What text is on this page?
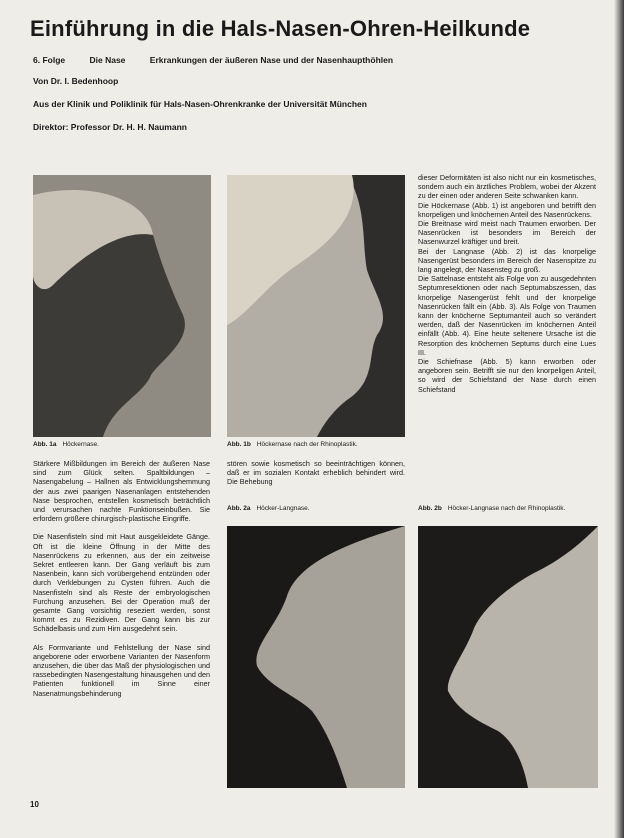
Einführung in die Hals-Nasen-Ohren-Heilkunde
6. Folge	Die Nase	Erkrankungen der äußeren Nase und der Nasenhaupthöhlen
Von Dr. I. Bedenhoop
Aus der Klinik und Poliklinik für Hals-Nasen-Ohrenkranke der Universität München
Direktor: Professor Dr. H. H. Naumann
Abb. 1a Höckernase.	Abb. 1b Höckernase nach der Rhinoplastik.
Abb. 2a Höcker-Langnase.	Abb. 2b Höcker-Langnase nach der Rhinoplastik.

Stärkere Mißbildungen im Bereich der äußeren Nase sind zum Glück selten. Spaltbildungen – Nasengabelung – Hallnen als Entwicklungshemmung der aus zwei paarigen Nasenanlagen entstehenden Nase besprochen, entstellen kosmetisch beträchtlich und verursachen nachte Funktionseinbußen. Sie erfordern größere chirurgisch-plastische Eingriffe.

Die Nasenfisteln sind mit Haut ausgekleidete Gänge. Oft ist die kleine Öffnung in der Mitte des Nasenrückens zu erkennen, aus der ein zeitweise Sekret entleeren kann. Der Gang verläuft bis zum Nasenbein, kann sich vorübergehend entzünden oder durch Verklebungen zu Cysten führen. Auch die Nasenfisteln sind als Reste der embryologischen Furchung anzusehen. Bei der Operation muß der gesamte Gang vorsichtig reseziert werden, sonst kommt es zu Rezidiven. Der Gang kann bis zur Schädelbasis und zum Hirn ausgedehnt sein.

Als Formvariante und Fehlstellung der Nase sind angeborene oder erworbene Varianten der Nasenform anzusehen, die über das Maß der physiologischen und rassebedingten Nasengestaltung hinausgehen und den Patienten funktionell im Sinne einer Nasenatmungsbehinderung

stören sowie kosmetisch so beeinträchtigen können, daß er im sozialen Kontakt erheblich behindert wird. Die Behebung

dieser Deformitäten ist also nicht nur ein kosmetisches, sondern auch ein ärztliches Problem, wobei der Akzent zu der einen oder anderen Seite schwanken kann.

Die Höckernase (Abb. 1) ist angeboren und betrifft den knorpeligen und knöchernen Anteil des Nasenrückens.

Die Breitnase wird meist nach Traumen erworben. Der Nasenrücken ist besonders im Bereich der Nasenwurzel kräftiger und breit.

Bei der Langnase (Abb. 2) ist das knorpelige Nasengerüst besonders im Bereich der Nasenspitze zu lang angelegt, der Nasensteg zu groß.

Die Sattelnase entsteht als Folge von zu ausgedehnten Septumresektionen oder nach Septumabszessen, das knorpelige Nasengerüst fehlt und der knorpelige Nasenrücken fällt ein (Abb. 3). Als Folge von Traumen kann der knöcherne Septumanteil auch so verändert werden, daß der Nasenrücken im knöchernen Anteil einfällt (Abb. 4). Eine heute seltenere Ursache ist die Resorption des knöchernen Septums durch eine Lues III.

Die Schiefnase (Abb. 5) kann erworben oder angeboren sein. Betrifft sie nur den knorpeligen Anteil, so wird der Schiefstand der Nase durch einen Schiefstand

10
